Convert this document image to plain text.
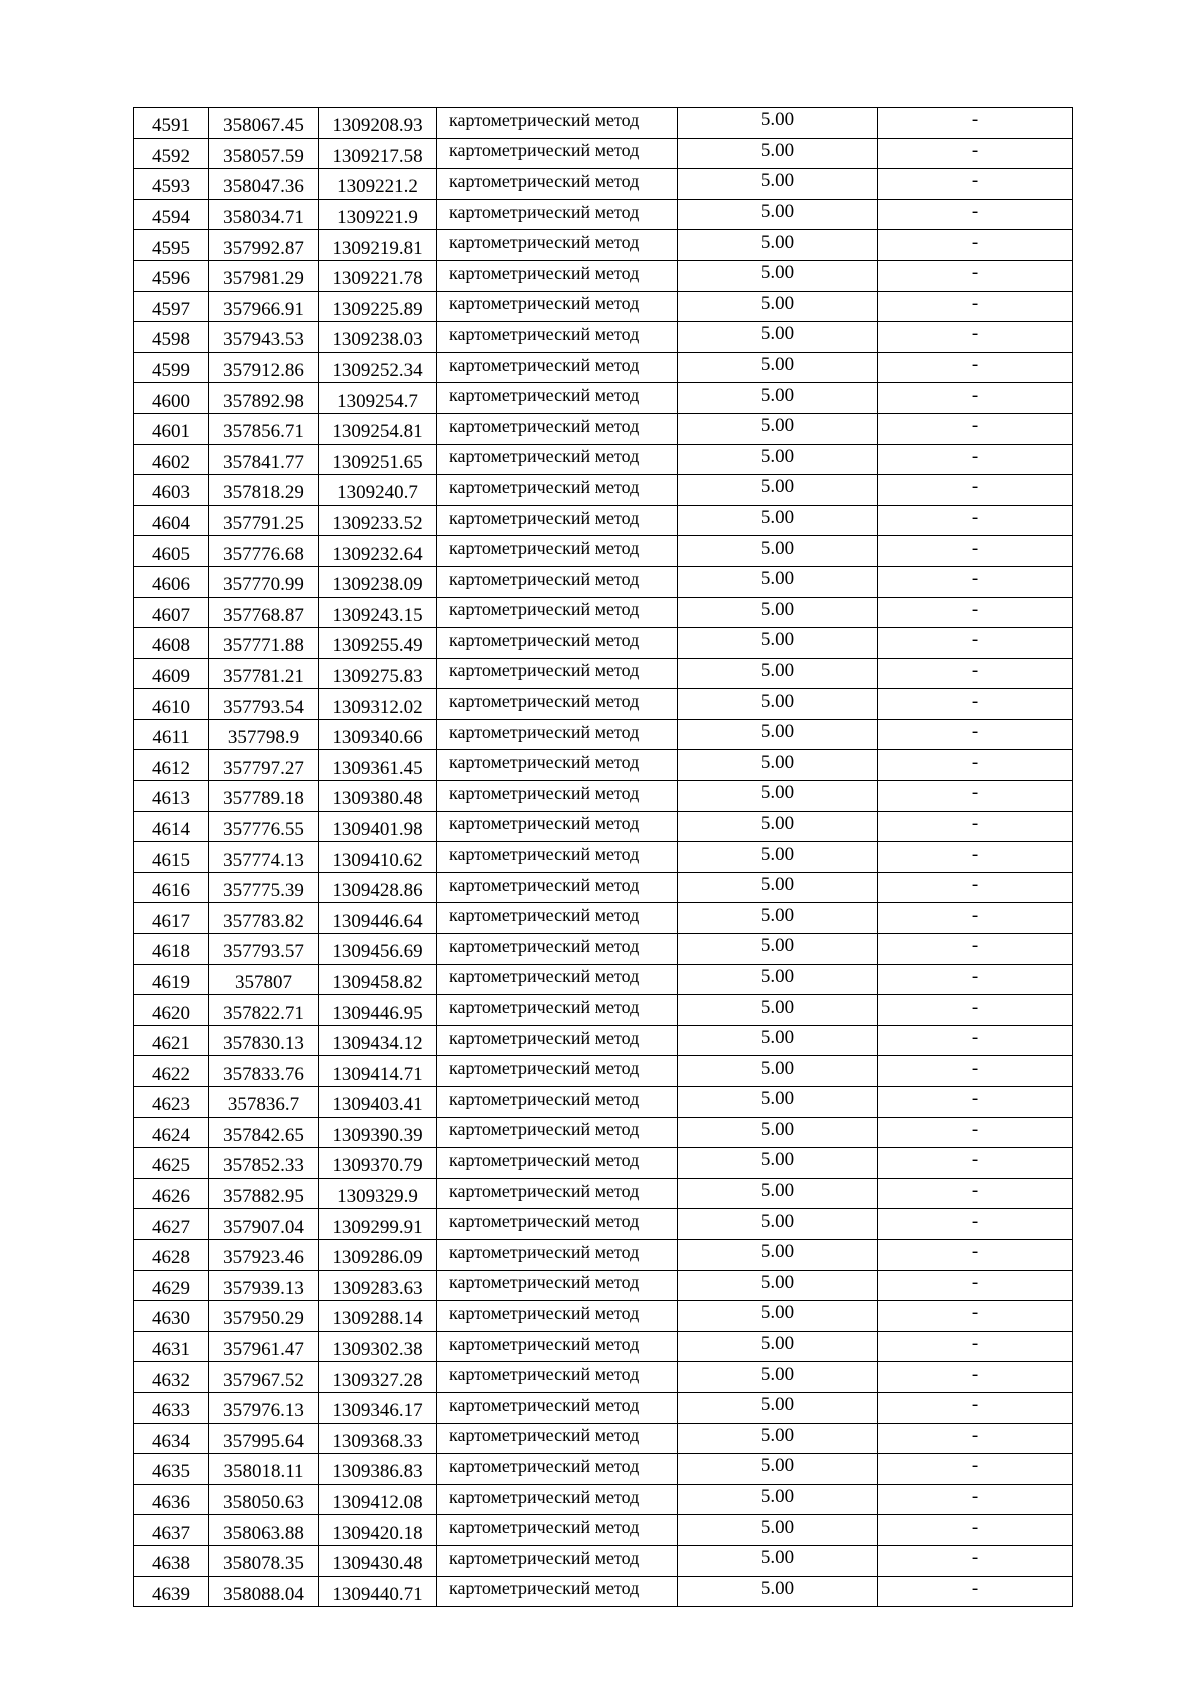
4591	358067.45	1309208.93	картометрический метод	5.00	-
4592	358057.59	1309217.58	картометрический метод	5.00	-
4593	358047.36	1309221.2	картометрический метод	5.00	-
4594	358034.71	1309221.9	картометрический метод	5.00	-
4595	357992.87	1309219.81	картометрический метод	5.00	-
4596	357981.29	1309221.78	картометрический метод	5.00	-
4597	357966.91	1309225.89	картометрический метод	5.00	-
4598	357943.53	1309238.03	картометрический метод	5.00	-
4599	357912.86	1309252.34	картометрический метод	5.00	-
4600	357892.98	1309254.7	картометрический метод	5.00	-
4601	357856.71	1309254.81	картометрический метод	5.00	-
4602	357841.77	1309251.65	картометрический метод	5.00	-
4603	357818.29	1309240.7	картометрический метод	5.00	-
4604	357791.25	1309233.52	картометрический метод	5.00	-
4605	357776.68	1309232.64	картометрический метод	5.00	-
4606	357770.99	1309238.09	картометрический метод	5.00	-
4607	357768.87	1309243.15	картометрический метод	5.00	-
4608	357771.88	1309255.49	картометрический метод	5.00	-
4609	357781.21	1309275.83	картометрический метод	5.00	-
4610	357793.54	1309312.02	картометрический метод	5.00	-
4611	357798.9	1309340.66	картометрический метод	5.00	-
4612	357797.27	1309361.45	картометрический метод	5.00	-
4613	357789.18	1309380.48	картометрический метод	5.00	-
4614	357776.55	1309401.98	картометрический метод	5.00	-
4615	357774.13	1309410.62	картометрический метод	5.00	-
4616	357775.39	1309428.86	картометрический метод	5.00	-
4617	357783.82	1309446.64	картометрический метод	5.00	-
4618	357793.57	1309456.69	картометрический метод	5.00	-
4619	357807	1309458.82	картометрический метод	5.00	-
4620	357822.71	1309446.95	картометрический метод	5.00	-
4621	357830.13	1309434.12	картометрический метод	5.00	-
4622	357833.76	1309414.71	картометрический метод	5.00	-
4623	357836.7	1309403.41	картометрический метод	5.00	-
4624	357842.65	1309390.39	картометрический метод	5.00	-
4625	357852.33	1309370.79	картометрический метод	5.00	-
4626	357882.95	1309329.9	картометрический метод	5.00	-
4627	357907.04	1309299.91	картометрический метод	5.00	-
4628	357923.46	1309286.09	картометрический метод	5.00	-
4629	357939.13	1309283.63	картометрический метод	5.00	-
4630	357950.29	1309288.14	картометрический метод	5.00	-
4631	357961.47	1309302.38	картометрический метод	5.00	-
4632	357967.52	1309327.28	картометрический метод	5.00	-
4633	357976.13	1309346.17	картометрический метод	5.00	-
4634	357995.64	1309368.33	картометрический метод	5.00	-
4635	358018.11	1309386.83	картометрический метод	5.00	-
4636	358050.63	1309412.08	картометрический метод	5.00	-
4637	358063.88	1309420.18	картометрический метод	5.00	-
4638	358078.35	1309430.48	картометрический метод	5.00	-
4639	358088.04	1309440.71	картометрический метод	5.00	-
